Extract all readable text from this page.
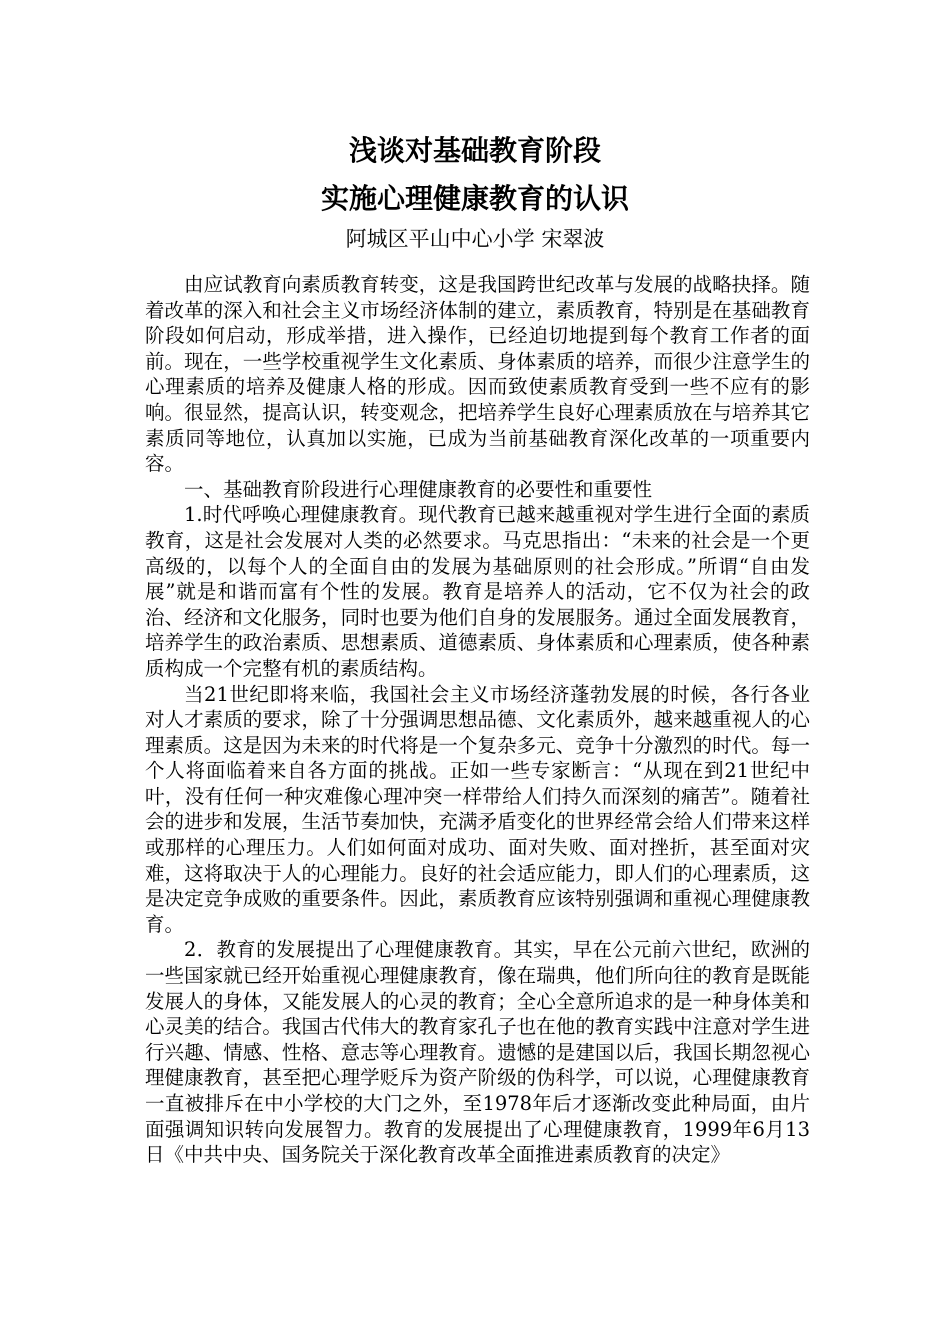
浅谈对基础教育阶段
实施心理健康教育的认识
阿城区平山中心小学 宋翠波

由应试教育向素质教育转变，这是我国跨世纪改革与发展的战略抉择。随着改革的深入和社会主义市场经济体制的建立，素质教育，特别是在基础教育阶段如何启动，形成举措，进入操作，已经迫切地提到每个教育工作者的面前。现在，一些学校重视学生文化素质、身体素质的培养，而很少注意学生的心理素质的培养及健康人格的形成。因而致使素质教育受到一些不应有的影响。很显然，提高认识，转变观念，把培养学生良好心理素质放在与培养其它素质同等地位，认真加以实施，已成为当前基础教育深化改革的一项重要内容。

一、基础教育阶段进行心理健康教育的必要性和重要性

1.时代呼唤心理健康教育。现代教育已越来越重视对学生进行全面的素质教育，这是社会发展对人类的必然要求。马克思指出：“未来的社会是一个更高级的，以每个人的全面自由的发展为基础原则的社会形成。”所谓“自由发展”就是和谐而富有个性的发展。教育是培养人的活动，它不仅为社会的政治、经济和文化服务，同时也要为他们自身的发展服务。通过全面发展教育，培养学生的政治素质、思想素质、道德素质、身体素质和心理素质，使各种素质构成一个完整有机的素质结构。

当21世纪即将来临，我国社会主义市场经济蓬勃发展的时候，各行各业对人才素质的要求，除了十分强调思想品德、文化素质外，越来越重视人的心理素质。这是因为未来的时代将是一个复杂多元、竞争十分激烈的时代。每一个人将面临着来自各方面的挑战。正如一些专家断言：“从现在到21世纪中叶，没有任何一种灾难像心理冲突一样带给人们持久而深刻的痛苦”。随着社会的进步和发展，生活节奏加快，充满矛盾变化的世界经常会给人们带来这样或那样的心理压力。人们如何面对成功、面对失败、面对挫折，甚至面对灾难，这将取决于人的心理能力。良好的社会适应能力，即人们的心理素质，这是决定竞争成败的重要条件。因此，素质教育应该特别强调和重视心理健康教育。

2．教育的发展提出了心理健康教育。其实，早在公元前六世纪，欧洲的一些国家就已经开始重视心理健康教育，像在瑞典，他们所向往的教育是既能发展人的身体，又能发展人的心灵的教育；全心全意所追求的是一种身体美和心灵美的结合。我国古代伟大的教育家孔子也在他的教育实践中注意对学生进行兴趣、情感、性格、意志等心理教育。遗憾的是建国以后，我国长期忽视心理健康教育，甚至把心理学贬斥为资产阶级的伪科学，可以说，心理健康教育一直被排斥在中小学校的大门之外，至1978年后才逐渐改变此种局面，由片面强调知识转向发展智力。教育的发展提出了心理健康教育，1999年6月13日《中共中央、国务院关于深化教育改革全面推进素质教育的决定》
